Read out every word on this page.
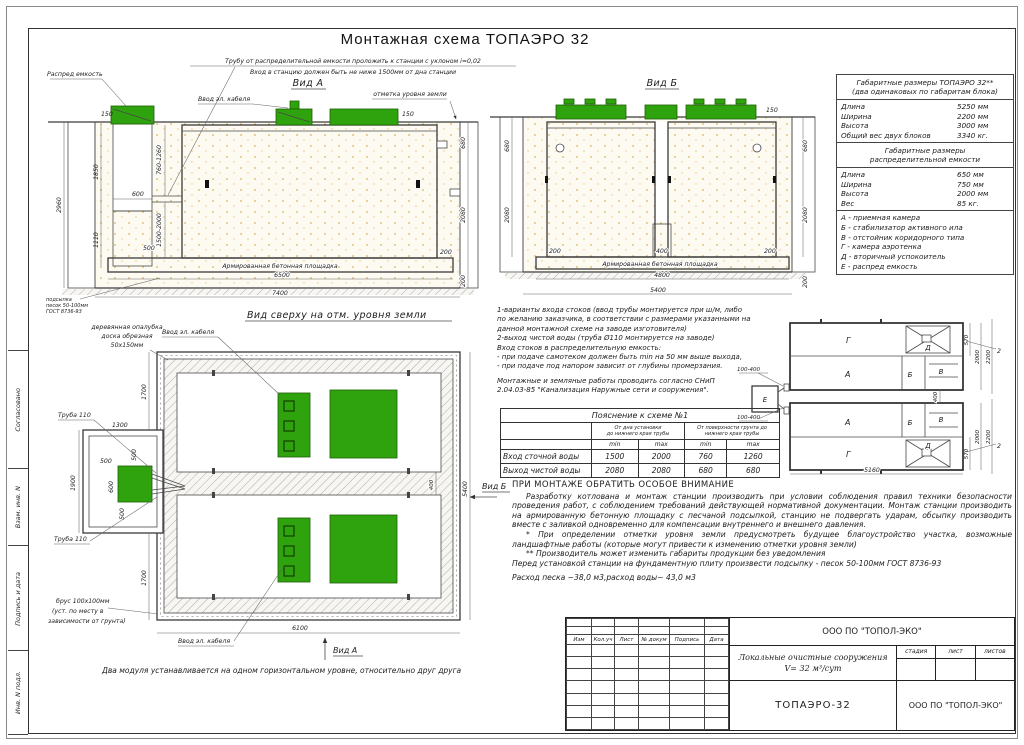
Согласовано
Взам. инв. N
Подпись и дата
Инв. N подл.
Монтажная схема ТОПАЭРО 32
Трубу от распределительной емкости проложить к станции с уклоном i=0,02
Вход в станцию должен быть не ниже 1500мм от дна станции
Распред емкость
Вид А
Ввод эл. кабеля
отметка уровня земли
150
1850
2960
600
1110
760-1260
1500-2000
500
150
680
2080
200
200
Армированная бетонная площадка
6500
7400
подсыпка
песок 50-100мм
ГОСТ 8736-93
Вид Б
150
680
2080
680
2080
200	400	200
200
Армированная бетонная площадка
4800
5400
Вид сверху на отм. уровня земли
деревянная опалубка
доска обрезная
50х150мм
Ввод эл. кабеля
1700
1300
500
500
600
500
1900
1700
Труба 110
Труба 110
брус 100х100мм
(уст. по месту в
зависимости от грунта)
Ввод эл. кабеля
5400
400
6100
Вид А
Вид Б
Г
Д
А	Б	В
А	Б	В
Г
Д
Е
100-400
100-400
570
2000 2200
400
2000 2200
570
2
2
5160
Габаритные размеры ТОПАЭРО 32**
(два одинаковых по габаритам блока)
Длина	5250 мм
Ширина	2200 мм
Высота	3000 мм
Общий вес двух блоков	3340 кг.
Габаритные размеры
распределительной емкости
Длина	650 мм
Ширина	750 мм
Высота	2000 мм
Вес	85 кг.
А - приемная камера
Б - стабилизатор активного ила
В - отстойник коридорного типа
Г - камера аэротенка
Д - вторичный успокоитель
Е - распред емкость
1-варианты входа стоков (ввод трубы монтируется при ш/м, либо
по желанию заказчика, в соответствии с размерами указанными на
данной монтажной схеме на заводе изготовителя)
2-выход чистой воды (труба Ø110 монтируется на заводе)
Вход стоков в распределительную емкость:
- при подаче самотеком должен быть min на 50 мм выше выхода,
- при подаче под напором зависит от глубины промерзания.
Монтажные и земляные работы проводить согласно СНиП
2.04.03-85 "Канализация Наружные сети и сооружения".
Пояснение к схеме №1				
	От дна установки
до нижнего края трубы		От поверхности грунта до
нижнего края трубы	
	min	max	min	max
Вход сточной воды	1500	2000	760	1260
Выход чистой воды	2080	2080	680	680
ПРИ МОНТАЖЕ ОБРАТИТЬ ОСОБОЕ ВНИМАНИЕ
Разработку котлована и монтаж станции производить при условии соблюдения правил техники безопасности проведения работ, с соблюдением требований действующей нормативной документации. Монтаж станции производить на армированную бетонную площадку с песчаной подсыпкой, станцию не подвергать ударам, обсыпку производить вместе с заливкой одновременно для компенсации внутреннего и внешнего давления.
* При определении отметки уровня земли предусмотреть будущее благоустройство участка, возможные ландшафтные работы (которые могут привести к изменению отметки уровня земли)
** Производитель может изменить габариты продукции без уведомления
Перед установкой станции на фундаментную плиту произвести подсыпку - песок 50-100мм ГОСТ 8736-93
Расход песка ~38,0 м3,расход воды~ 43,0 м3
Два модуля устанавливается на одном горизонтальном уровне, относительно друг друга

Изм	Кол.уч	Лист	№ докум	Подпись	Дата

ООО ПО "ТОПОЛ-ЭКО"
Локальные очистные сооружения
V= 32 м³/сут
стадия	лист	листов
ТОПАЭРО-32	ООО ПО "ТОПОЛ-ЭКО"
